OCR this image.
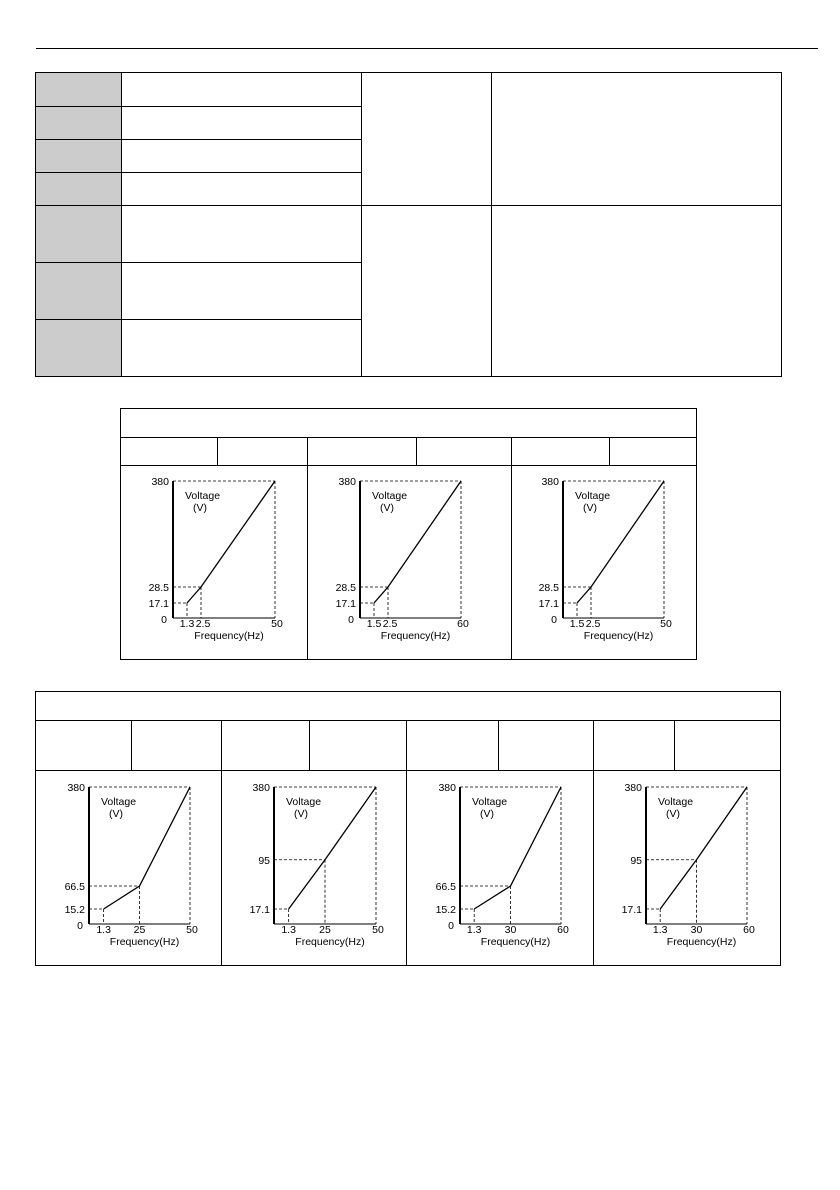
380
Voltage
(V)
28.5
17.1
0 1.3 2.5	50
Frequency(Hz)
380
Voltage
(V)
28.5
17.1
0 1.5 2.5	60
Frequency(Hz)
380
Voltage
(V)
28.5
17.1
0 1.5 2.5	50
Frequency(Hz)
380
Voltage
(V)
66.5
15.2
0 1.3 25	50
Frequency(Hz)
380
Voltage
(V)
95
17.1
1.3 25	50
Frequency(Hz)
380
Voltage
(V)
66.5
15.2
0 1.3 30	60
Frequency(Hz)
380
Voltage
(V)
95
17.1
1.3 30	60
Frequency(Hz)
